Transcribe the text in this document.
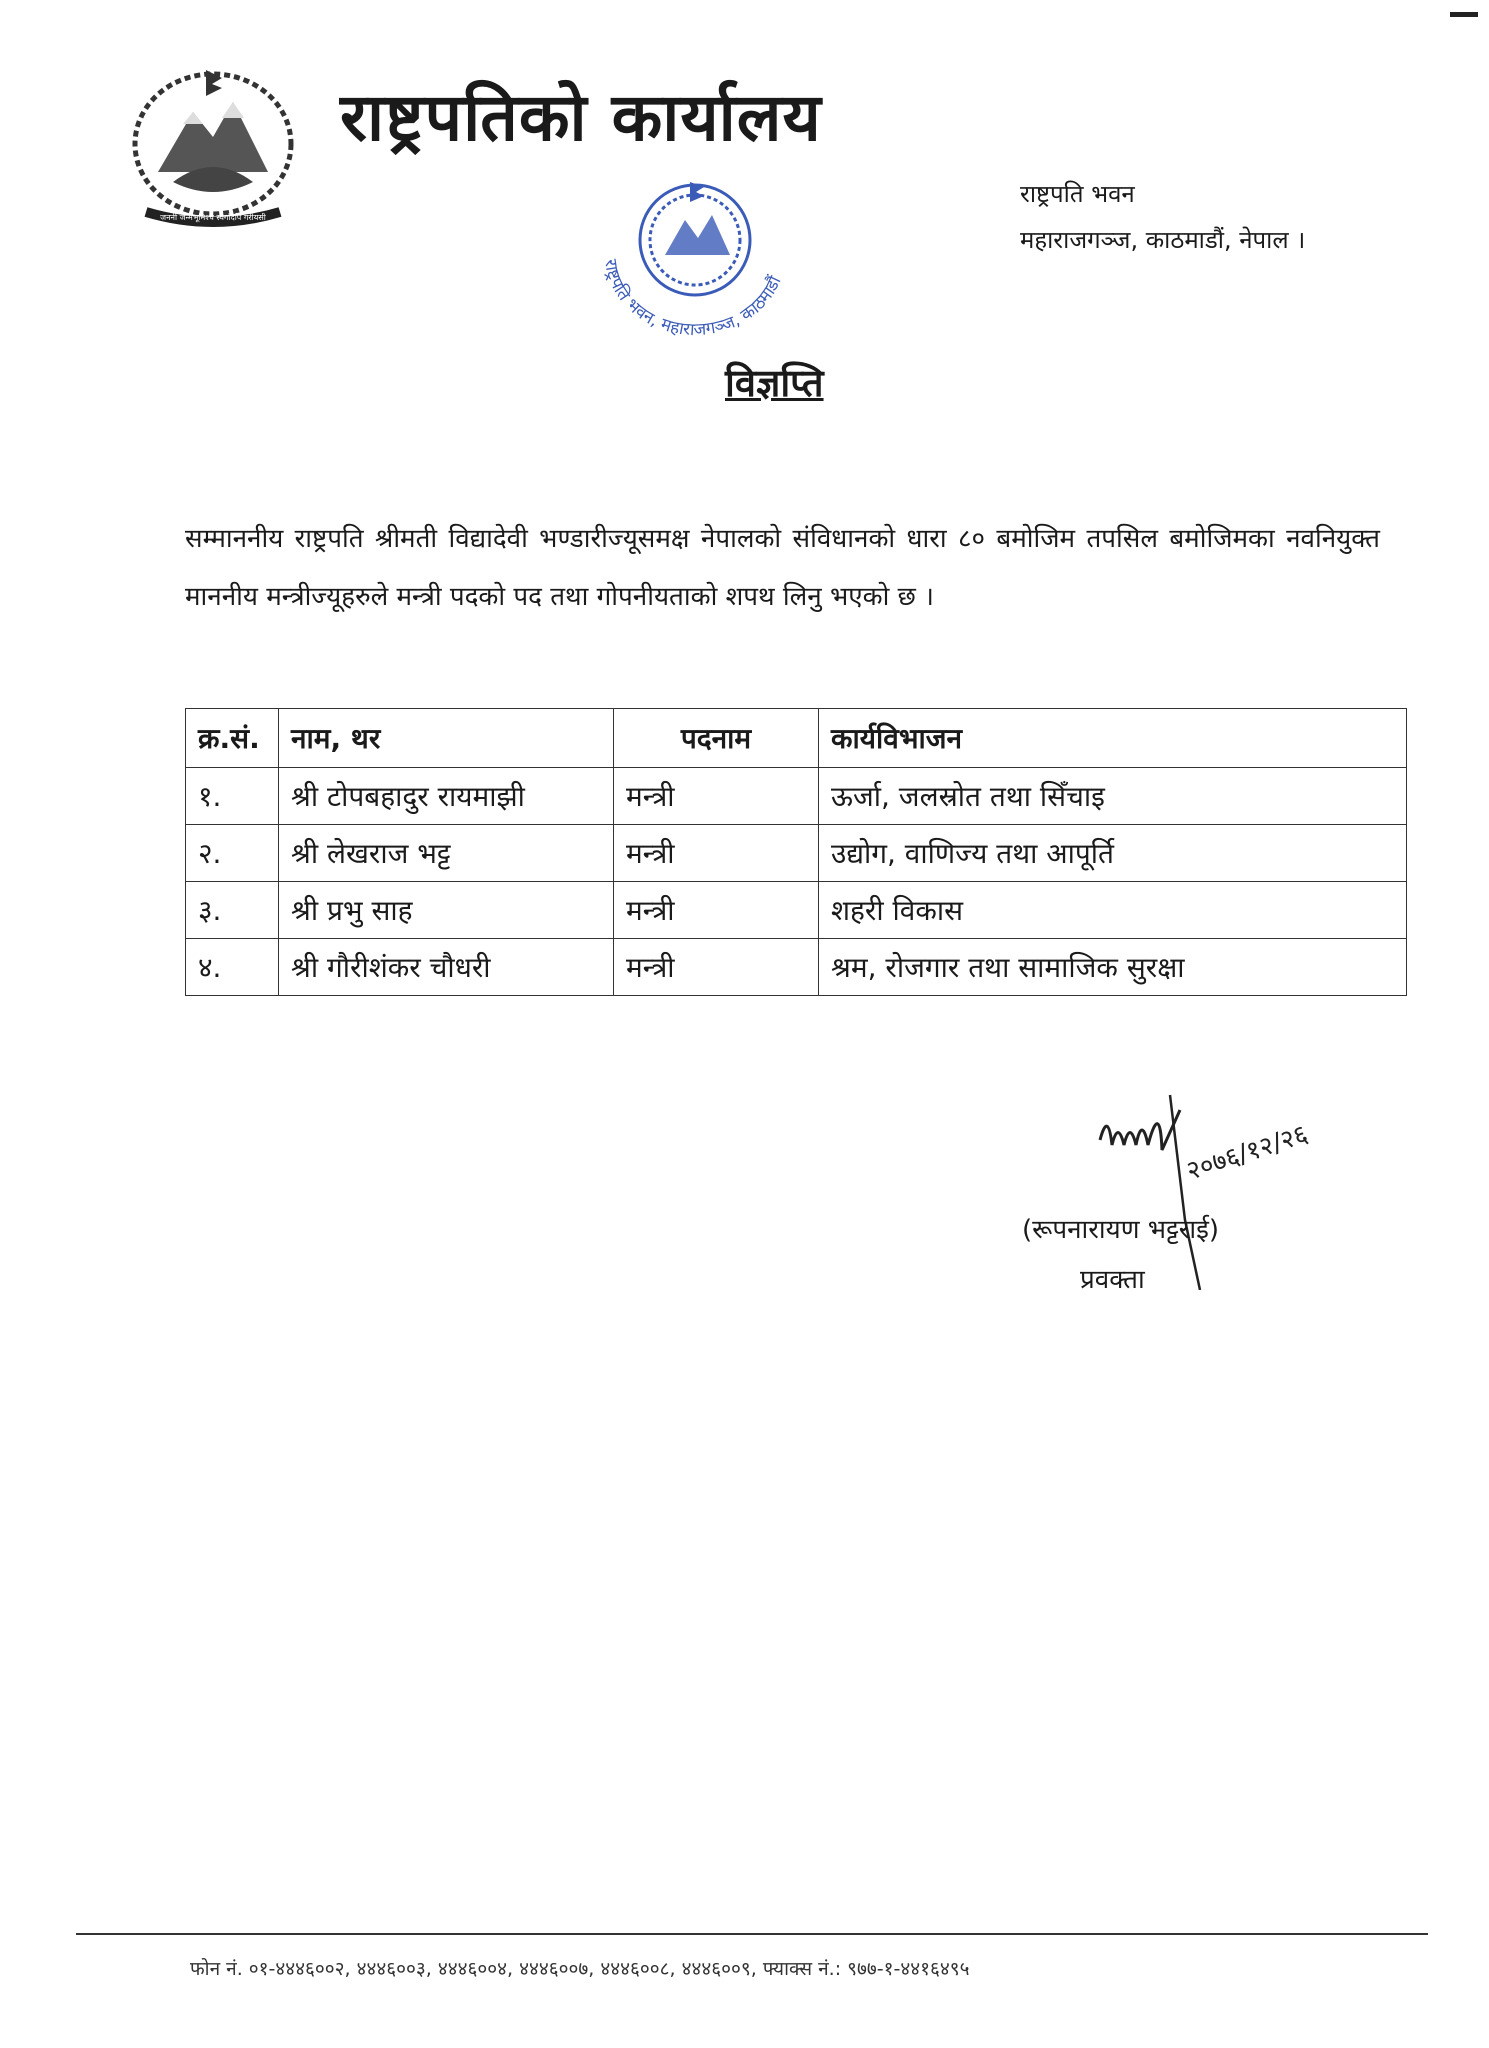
जननी जन्मभूमिश्च स्वर्गादपि गरीयसी
राष्ट्रपतिको कार्यालय
राष्ट्रपति भवन
महाराजगञ्ज, काठमाडौं, नेपाल ।
राष्ट्रपति भवन, महाराजगञ्ज, काठमाडौं
विज्ञप्ति
सम्माननीय राष्ट्रपति श्रीमती विद्यादेवी भण्डारीज्यूसमक्ष नेपालको संविधानको धारा ८० बमोजिम तपसिल बमोजिमका नवनियुक्त माननीय मन्त्रीज्यूहरुले मन्त्री पदको पद तथा गोपनीयताको शपथ लिनु भएको छ ।
क्र.सं.	नाम, थर	पदनाम	कार्यविभाजन
१.	श्री टोपबहादुर रायमाझी	मन्त्री	ऊर्जा, जलस्रोत तथा सिँचाइ
२.	श्री लेखराज भट्ट	मन्त्री	उद्योग, वाणिज्य तथा आपूर्ति
३.	श्री प्रभु साह	मन्त्री	शहरी विकास
४.	श्री गौरीशंकर चौधरी	मन्त्री	श्रम, रोजगार तथा सामाजिक सुरक्षा
२०७६/१२/२६
(रूपनारायण भट्टराई)
प्रवक्ता
फोन नं. ०१-४४४६००२, ४४४६००३, ४४४६००४, ४४४६००७, ४४४६००८, ४४४६००९, फ्याक्स नं.: ९७७-१-४४१६४९५
